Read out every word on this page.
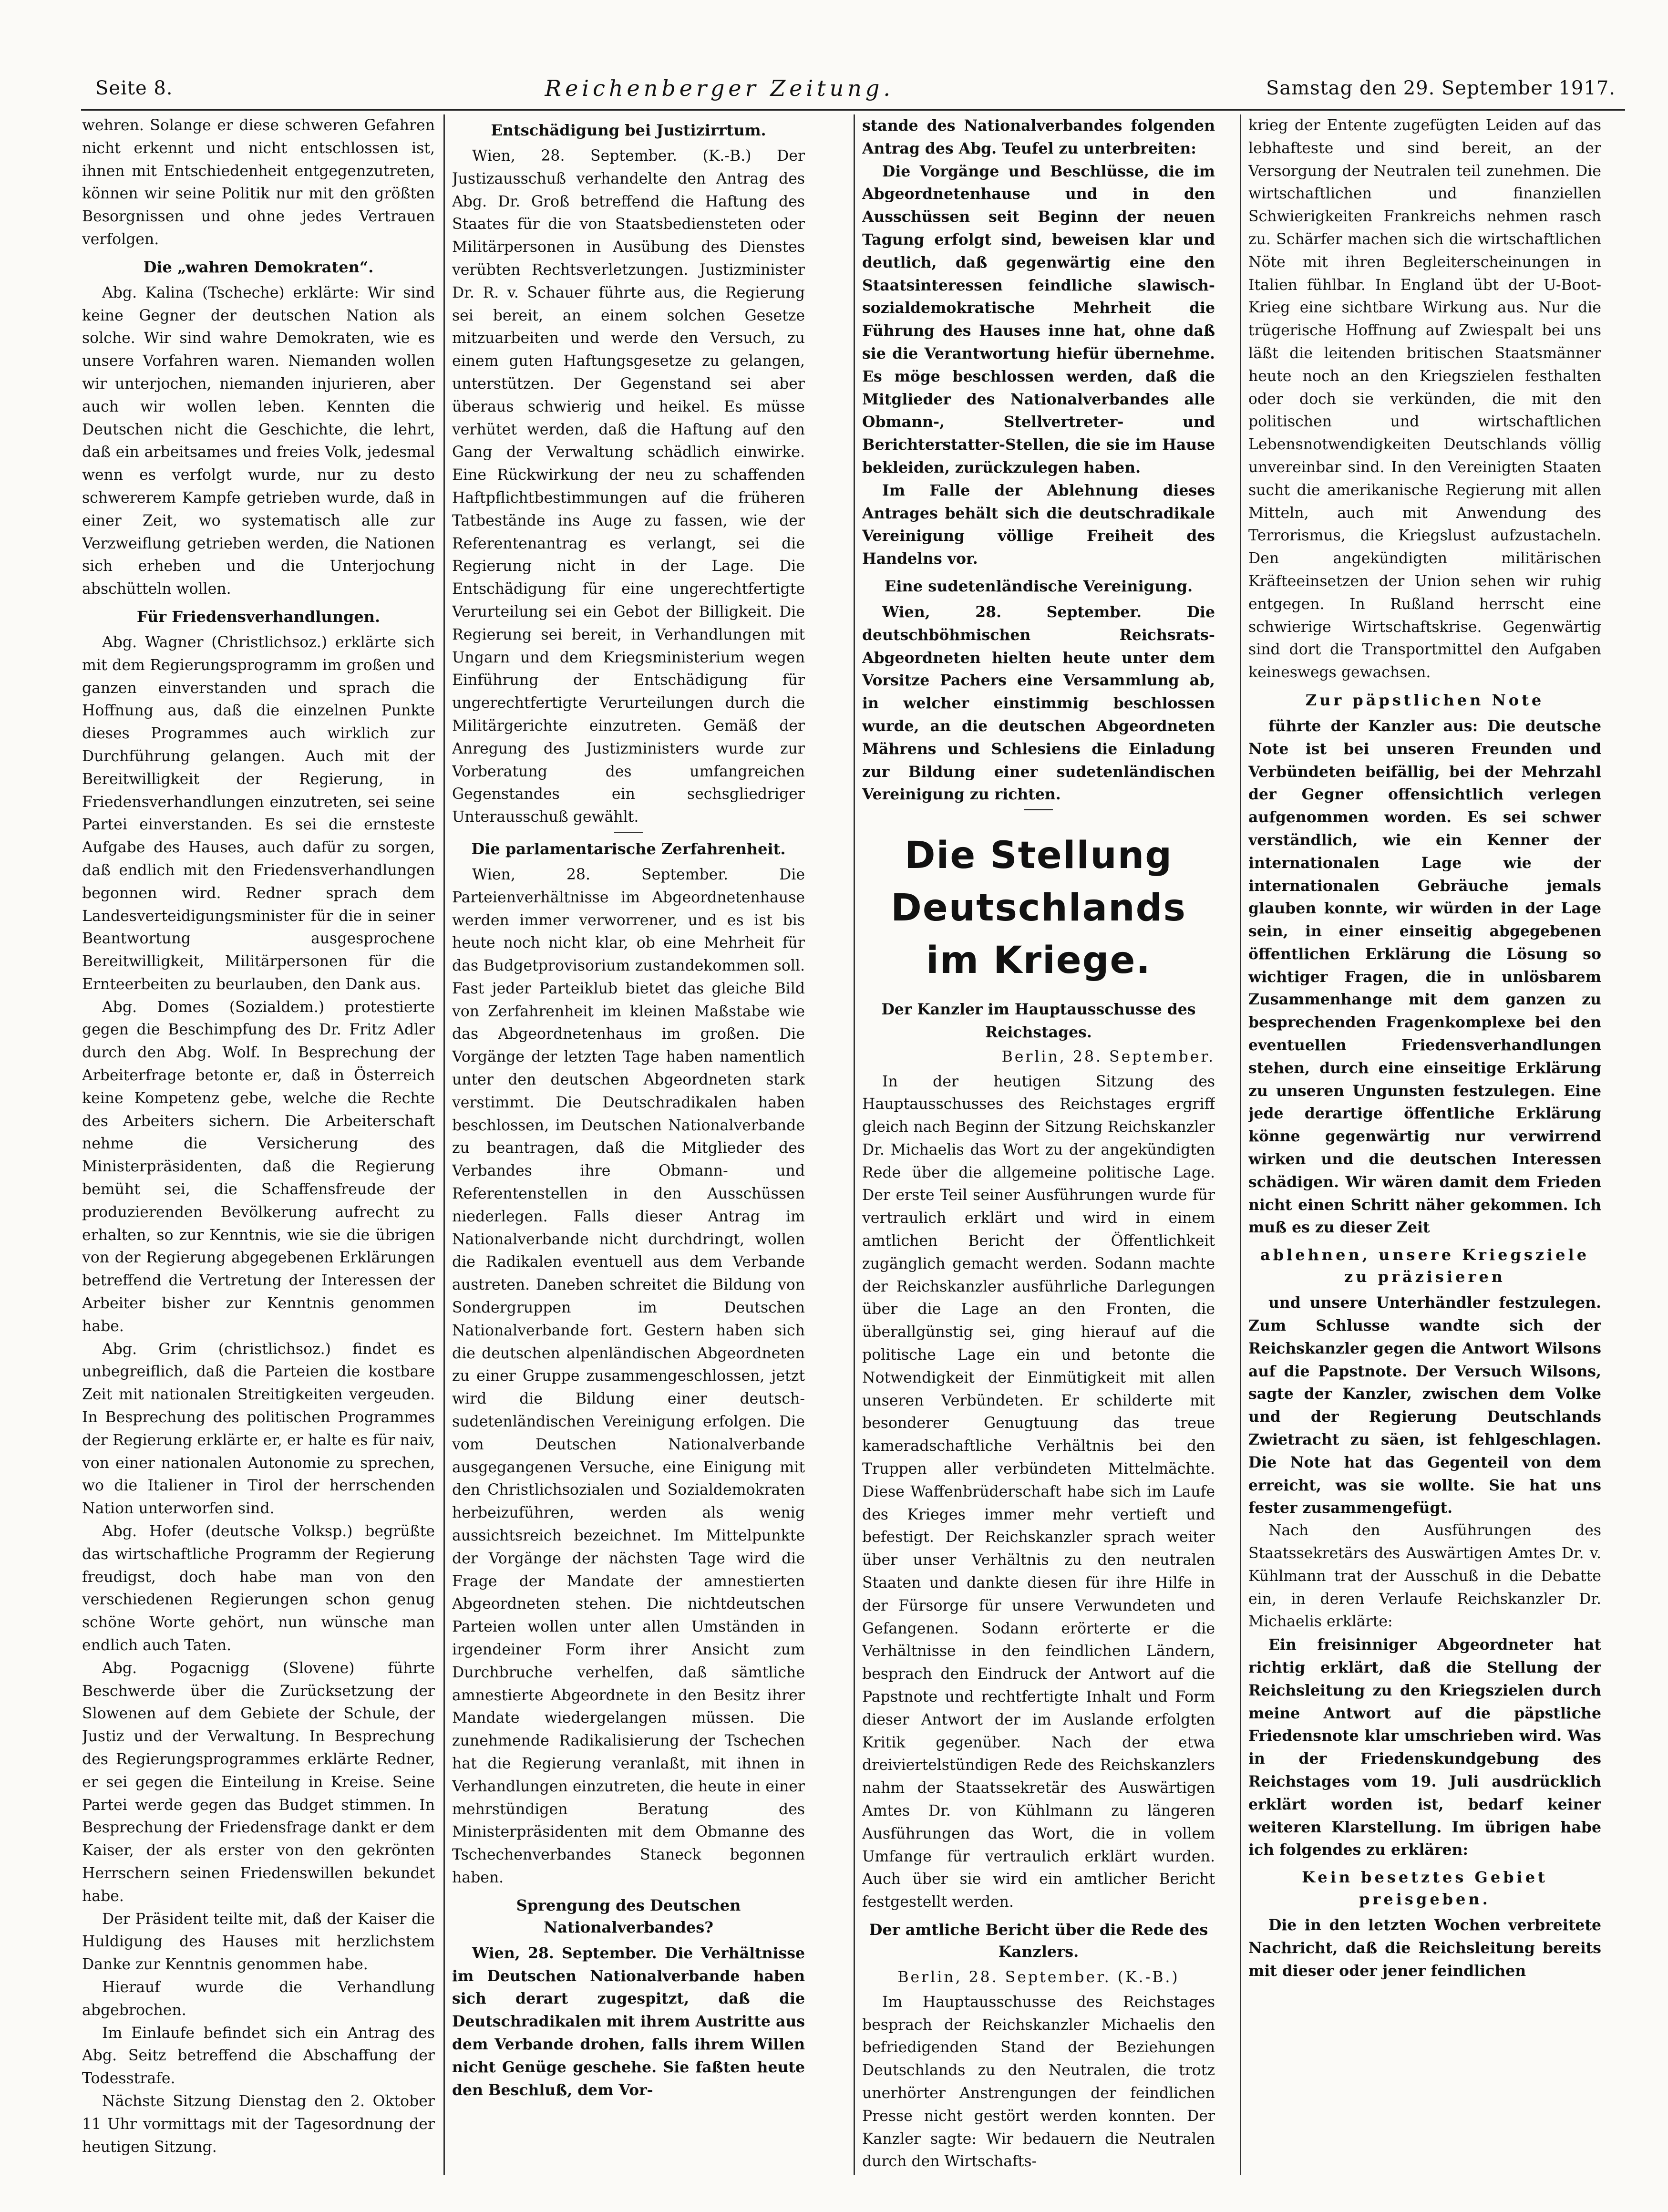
Seite 8.	Reichenberger Zeitung.	Samstag den 29. September 1917.

wehren. Solange er diese schweren Gefahren nicht erkennt und nicht entschlossen ist, ihnen mit Entschiedenheit entgegenzutreten, können wir seine Politik nur mit den größten Besorgnissen und ohne jedes Vertrauen verfolgen.

Die „wahren Demokraten“.

Abg. Kalina (Tscheche) erklärte: Wir sind keine Gegner der deutschen Nation als solche. Wir sind wahre Demokraten, wie es unsere Vorfahren waren. Niemanden wollen wir unterjochen, niemanden injurieren, aber auch wir wollen leben. Kennten die Deutschen nicht die Geschichte, die lehrt, daß ein arbeitsames und freies Volk, jedesmal wenn es verfolgt wurde, nur zu desto schwererem Kampfe getrieben wurde, daß in einer Zeit, wo systematisch alle zur Verzweiflung getrieben werden, die Nationen sich erheben und die Unterjochung abschütteln wollen.

Für Friedensverhandlungen.

Abg. Wagner (Christlichsoz.) erklärte sich mit dem Regierungsprogramm im großen und ganzen einverstanden und sprach die Hoffnung aus, daß die einzelnen Punkte dieses Programmes auch wirklich zur Durchführung gelangen. Auch mit der Bereitwilligkeit der Regierung, in Friedensverhandlungen einzutreten, sei seine Partei einverstanden. Es sei die ernsteste Aufgabe des Hauses, auch dafür zu sorgen, daß endlich mit den Friedensverhandlungen begonnen wird. Redner sprach dem Landesverteidigungsminister für die in seiner Beantwortung ausgesprochene Bereitwilligkeit, Militärpersonen für die Ernteerbeiten zu beurlauben, den Dank aus.

Abg. Domes (Sozialdem.) protestierte gegen die Beschimpfung des Dr. Fritz Adler durch den Abg. Wolf. In Besprechung der Arbeiterfrage betonte er, daß in Österreich keine Kompetenz gebe, welche die Rechte des Arbeiters sichern. Die Arbeiterschaft nehme die Versicherung des Ministerpräsidenten, daß die Regierung bemüht sei, die Schaffensfreude der produzierenden Bevölkerung aufrecht zu erhalten, so zur Kenntnis, wie sie die übrigen von der Regierung abgegebenen Erklärungen betreffend die Vertretung der Interessen der Arbeiter bisher zur Kenntnis genommen habe.

Abg. Grim (christlichsoz.) findet es unbegreiflich, daß die Parteien die kostbare Zeit mit nationalen Streitigkeiten vergeuden. In Besprechung des politischen Programmes der Regierung erklärte er, er halte es für naiv, von einer nationalen Autonomie zu sprechen, wo die Italiener in Tirol der herrschenden Nation unterworfen sind.

Abg. Hofer (deutsche Volksp.) begrüßte das wirtschaftliche Programm der Regierung freudigst, doch habe man von den verschiedenen Regierungen schon genug schöne Worte gehört, nun wünsche man endlich auch Taten.

Abg. Pogacnigg (Slovene) führte Beschwerde über die Zurücksetzung der Slowenen auf dem Gebiete der Schule, der Justiz und der Verwaltung. In Besprechung des Regierungsprogrammes erklärte Redner, er sei gegen die Einteilung in Kreise. Seine Partei werde gegen das Budget stimmen. In Besprechung der Friedensfrage dankt er dem Kaiser, der als erster von den gekrönten Herrschern seinen Friedenswillen bekundet habe.

Der Präsident teilte mit, daß der Kaiser die Huldigung des Hauses mit herzlichstem Danke zur Kenntnis genommen habe.

Hierauf wurde die Verhandlung abgebrochen.

Im Einlaufe befindet sich ein Antrag des Abg. Seitz betreffend die Abschaffung der Todesstrafe.

Nächste Sitzung Dienstag den 2. Oktober 11 Uhr vormittags mit der Tagesordnung der heutigen Sitzung.

Entschädigung bei Justizirrtum.

Wien, 28. September. (K.-B.) Der Justizausschuß verhandelte den Antrag des Abg. Dr. Groß betreffend die Haftung des Staates für die von Staatsbediensteten oder Militärpersonen in Ausübung des Dienstes verübten Rechtsverletzungen. Justizminister Dr. R. v. Schauer führte aus, die Regierung sei bereit, an einem solchen Gesetze mitzuarbeiten und werde den Versuch, zu einem guten Haftungsgesetze zu gelangen, unterstützen. Der Gegenstand sei aber überaus schwierig und heikel. Es müsse verhütet werden, daß die Haftung auf den Gang der Verwaltung schädlich einwirke. Eine Rückwirkung der neu zu schaffenden Haftpflichtbestimmungen auf die früheren Tatbestände ins Auge zu fassen, wie der Referentenantrag es verlangt, sei die Regierung nicht in der Lage. Die Entschädigung für eine ungerechtfertigte Verurteilung sei ein Gebot der Billigkeit. Die Regierung sei bereit, in Verhandlungen mit Ungarn und dem Kriegsministerium wegen Einführung der Entschädigung für ungerechtfertigte Verurteilungen durch die Militärgerichte einzutreten. Gemäß der Anregung des Justizministers wurde zur Vorberatung des umfangreichen Gegenstandes ein sechsgliedriger Unterausschuß gewählt.

Die parlamentarische Zerfahrenheit.

Wien, 28. September. Die Parteienverhältnisse im Abgeordnetenhause werden immer verworrener, und es ist bis heute noch nicht klar, ob eine Mehrheit für das Budgetprovisorium zustandekommen soll. Fast jeder Parteiklub bietet das gleiche Bild von Zerfahrenheit im kleinen Maßstabe wie das Abgeordnetenhaus im großen. Die Vorgänge der letzten Tage haben namentlich unter den deutschen Abgeordneten stark verstimmt. Die Deutschradikalen haben beschlossen, im Deutschen Nationalverbande zu beantragen, daß die Mitglieder des Verbandes ihre Obmann- und Referentenstellen in den Ausschüssen niederlegen. Falls dieser Antrag im Nationalverbande nicht durchdringt, wollen die Radikalen eventuell aus dem Verbande austreten. Daneben schreitet die Bildung von Sondergruppen im Deutschen Nationalverbande fort. Gestern haben sich die deutschen alpenländischen Abgeordneten zu einer Gruppe zusammengeschlossen, jetzt wird die Bildung einer deutsch-sudetenländischen Vereinigung erfolgen. Die vom Deutschen Nationalverbande ausgegangenen Versuche, eine Einigung mit den Christlichsozialen und Sozialdemokraten herbeizuführen, werden als wenig aussichtsreich bezeichnet. Im Mittelpunkte der Vorgänge der nächsten Tage wird die Frage der Mandate der amnestierten Abgeordneten stehen. Die nichtdeutschen Parteien wollen unter allen Umständen in irgendeiner Form ihrer Ansicht zum Durchbruche verhelfen, daß sämtliche amnestierte Abgeordnete in den Besitz ihrer Mandate wiedergelangen müssen. Die zunehmende Radikalisierung der Tschechen hat die Regierung veranlaßt, mit ihnen in Verhandlungen einzutreten, die heute in einer mehrstündigen Beratung des Ministerpräsidenten mit dem Obmanne des Tschechenverbandes Staneck begonnen haben.

Sprengung des Deutschen Nationalverbandes?

Wien, 28. September. Die Verhältnisse im Deutschen Nationalverbande haben sich derart zugespitzt, daß die Deutschradikalen mit ihrem Austritte aus dem Verbande drohen, falls ihrem Willen nicht Genüge geschehe. Sie faßten heute den Beschluß, dem Vor-

stande des Nationalverbandes folgenden Antrag des Abg. Teufel zu unterbreiten:

Die Vorgänge und Beschlüsse, die im Abgeordnetenhause und in den Ausschüssen seit Beginn der neuen Tagung erfolgt sind, beweisen klar und deutlich, daß gegenwärtig eine den Staatsinteressen feindliche slawisch-sozialdemokratische Mehrheit die Führung des Hauses inne hat, ohne daß sie die Verantwortung hiefür übernehme. Es möge beschlossen werden, daß die Mitglieder des Nationalverbandes alle Obmann-, Stellvertreter- und Berichterstatter-Stellen, die sie im Hause bekleiden, zurückzulegen haben.

Im Falle der Ablehnung dieses Antrages behält sich die deutschradikale Vereinigung völlige Freiheit des Handelns vor.

Eine sudetenländische Vereinigung.

Wien, 28. September. Die deutschböhmischen Reichsrats-Abgeordneten hielten heute unter dem Vorsitze Pachers eine Versammlung ab, in welcher einstimmig beschlossen wurde, an die deutschen Abgeordneten Mährens und Schlesiens die Einladung zur Bildung einer sudetenländischen Vereinigung zu richten.

Die Stellung Deutschlands
im Kriege.

Der Kanzler im Hauptausschusse des Reichstages.

Berlin, 28. September.

In der heutigen Sitzung des Hauptausschusses des Reichstages ergriff gleich nach Beginn der Sitzung Reichskanzler Dr. Michaelis das Wort zu der angekündigten Rede über die allgemeine politische Lage. Der erste Teil seiner Ausführungen wurde für vertraulich erklärt und wird in einem amtlichen Bericht der Öffentlichkeit zugänglich gemacht werden. Sodann machte der Reichskanzler ausführliche Darlegungen über die Lage an den Fronten, die überallgünstig sei, ging hierauf auf die politische Lage ein und betonte die Notwendigkeit der Einmütigkeit mit allen unseren Verbündeten. Er schilderte mit besonderer Genugtuung das treue kameradschaftliche Verhältnis bei den Truppen aller verbündeten Mittelmächte. Diese Waffenbrüderschaft habe sich im Laufe des Krieges immer mehr vertieft und befestigt. Der Reichskanzler sprach weiter über unser Verhältnis zu den neutralen Staaten und dankte diesen für ihre Hilfe in der Fürsorge für unsere Verwundeten und Gefangenen. Sodann erörterte er die Verhältnisse in den feindlichen Ländern, besprach den Eindruck der Antwort auf die Papstnote und rechtfertigte Inhalt und Form dieser Antwort der im Auslande erfolgten Kritik gegenüber. Nach der etwa dreiviertelstündigen Rede des Reichskanzlers nahm der Staatssekretär des Auswärtigen Amtes Dr. von Kühlmann zu längeren Ausführungen das Wort, die in vollem Umfange für vertraulich erklärt wurden. Auch über sie wird ein amtlicher Bericht festgestellt werden.

Der amtliche Bericht über die Rede des Kanzlers.

Berlin, 28. September. (K.-B.)

Im Hauptausschusse des Reichstages besprach der Reichskanzler Michaelis den befriedigenden Stand der Beziehungen Deutschlands zu den Neutralen, die trotz unerhörter Anstrengungen der feindlichen Presse nicht gestört werden konnten. Der Kanzler sagte: Wir bedauern die Neutralen durch den Wirtschafts-

krieg der Entente zugefügten Leiden auf das lebhafteste und sind bereit, an der Versorgung der Neutralen teil zunehmen. Die wirtschaftlichen und finanziellen Schwierigkeiten Frankreichs nehmen rasch zu. Schärfer machen sich die wirtschaftlichen Nöte mit ihren Begleiterscheinungen in Italien fühlbar. In England übt der U-Boot-Krieg eine sichtbare Wirkung aus. Nur die trügerische Hoffnung auf Zwiespalt bei uns läßt die leitenden britischen Staatsmänner heute noch an den Kriegszielen festhalten oder doch sie verkünden, die mit den politischen und wirtschaftlichen Lebensnotwendigkeiten Deutschlands völlig unvereinbar sind. In den Vereinigten Staaten sucht die amerikanische Regierung mit allen Mitteln, auch mit Anwendung des Terrorismus, die Kriegslust aufzustacheln. Den angekündigten militärischen Kräfteeinsetzen der Union sehen wir ruhig entgegen. In Rußland herrscht eine schwierige Wirtschaftskrise. Gegenwärtig sind dort die Transportmittel den Aufgaben keineswegs gewachsen.

Zur päpstlichen Note

führte der Kanzler aus: Die deutsche Note ist bei unseren Freunden und Verbündeten beifällig, bei der Mehrzahl der Gegner offensichtlich verlegen aufgenommen worden. Es sei schwer verständlich, wie ein Kenner der internationalen Lage wie der internationalen Gebräuche jemals glauben konnte, wir würden in der Lage sein, in einer einseitig abgegebenen öffentlichen Erklärung die Lösung so wichtiger Fragen, die in unlösbarem Zusammenhange mit dem ganzen zu besprechenden Fragenkomplexe bei den eventuellen Friedensverhandlungen stehen, durch eine einseitige Erklärung zu unseren Ungunsten festzulegen. Eine jede derartige öffentliche Erklärung könne gegenwärtig nur verwirrend wirken und die deutschen Interessen schädigen. Wir wären damit dem Frieden nicht einen Schritt näher gekommen. Ich muß es zu dieser Zeit

ablehnen, unsere Kriegsziele zu präzisieren

und unsere Unterhändler festzulegen. Zum Schlusse wandte sich der Reichskanzler gegen die Antwort Wilsons auf die Papstnote. Der Versuch Wilsons, sagte der Kanzler, zwischen dem Volke und der Regierung Deutschlands Zwietracht zu säen, ist fehlgeschlagen. Die Note hat das Gegenteil von dem erreicht, was sie wollte. Sie hat uns fester zusammengefügt.

Nach den Ausführungen des Staatssekretärs des Auswärtigen Amtes Dr. v. Kühlmann trat der Ausschuß in die Debatte ein, in deren Verlaufe Reichskanzler Dr. Michaelis erklärte:

Ein freisinniger Abgeordneter hat richtig erklärt, daß die Stellung der Reichsleitung zu den Kriegszielen durch meine Antwort auf die päpstliche Friedensnote klar umschrieben wird. Was in der Friedenskundgebung des Reichstages vom 19. Juli ausdrücklich erklärt worden ist, bedarf keiner weiteren Klarstellung. Im übrigen habe ich folgendes zu erklären:

Kein besetztes Gebiet preisgeben.

Die in den letzten Wochen verbreitete Nachricht, daß die Reichsleitung bereits mit dieser oder jener feindlichen
